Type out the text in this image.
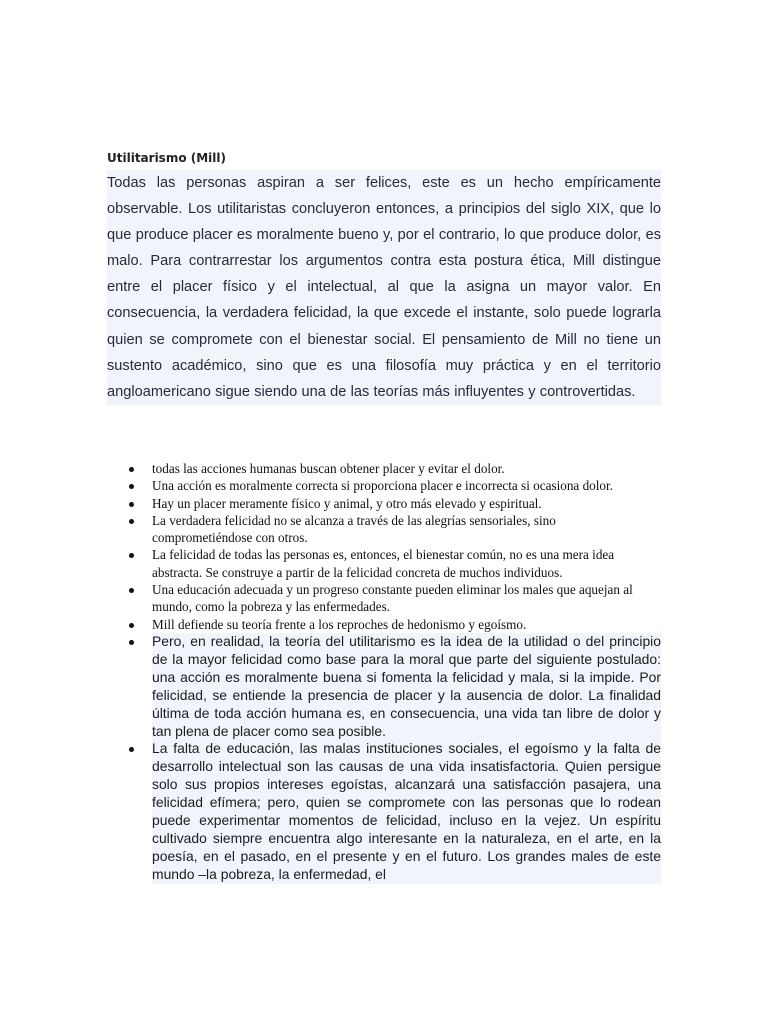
Utilitarismo (Mill)
Todas las personas aspiran a ser felices, este es un hecho empíricamente observable. Los utilitaristas concluyeron entonces, a principios del siglo XIX, que lo que produce placer es moralmente bueno y, por el contrario, lo que produce dolor, es malo. Para contrarrestar los argumentos contra esta postura ética, Mill distingue entre el placer físico y el intelectual, al que la asigna un mayor valor. En consecuencia, la verdadera felicidad, la que excede el instante, solo puede lograrla quien se compromete con el bienestar social. El pensamiento de Mill no tiene un sustento académico, sino que es una filosofía muy práctica y en el territorio angloamericano sigue siendo una de las teorías más influyentes y controvertidas.
todas las acciones humanas buscan obtener placer y evitar el dolor.
Una acción es moralmente correcta si proporciona placer e incorrecta si ocasiona dolor.
Hay un placer meramente físico y animal, y otro más elevado y espiritual.
La verdadera felicidad no se alcanza a través de las alegrías sensoriales, sino comprometiéndose con otros.
La felicidad de todas las personas es, entonces, el bienestar común, no es una mera idea abstracta. Se construye a partir de la felicidad concreta de muchos individuos.
Una educación adecuada y un progreso constante pueden eliminar los males que aquejan al mundo, como la pobreza y las enfermedades.
Mill defiende su teoría frente a los reproches de hedonismo y egoísmo.
Pero, en realidad, la teoría del utilitarismo es la idea de la utilidad o del principio de la mayor felicidad como base para la moral que parte del siguiente postulado: una acción es moralmente buena si fomenta la felicidad y mala, si la impide. Por felicidad, se entiende la presencia de placer y la ausencia de dolor. La finalidad última de toda acción humana es, en consecuencia, una vida tan libre de dolor y tan plena de placer como sea posible.
La falta de educación, las malas instituciones sociales, el egoísmo y la falta de desarrollo intelectual son las causas de una vida insatisfactoria. Quien persigue solo sus propios intereses egoístas, alcanzará una satisfacción pasajera, una felicidad efímera; pero, quien se compromete con las personas que lo rodean puede experimentar momentos de felicidad, incluso en la vejez. Un espíritu cultivado siempre encuentra algo interesante en la naturaleza, en el arte, en la poesía, en el pasado, en el presente y en el futuro. Los grandes males de este mundo –la pobreza, la enfermedad, el
